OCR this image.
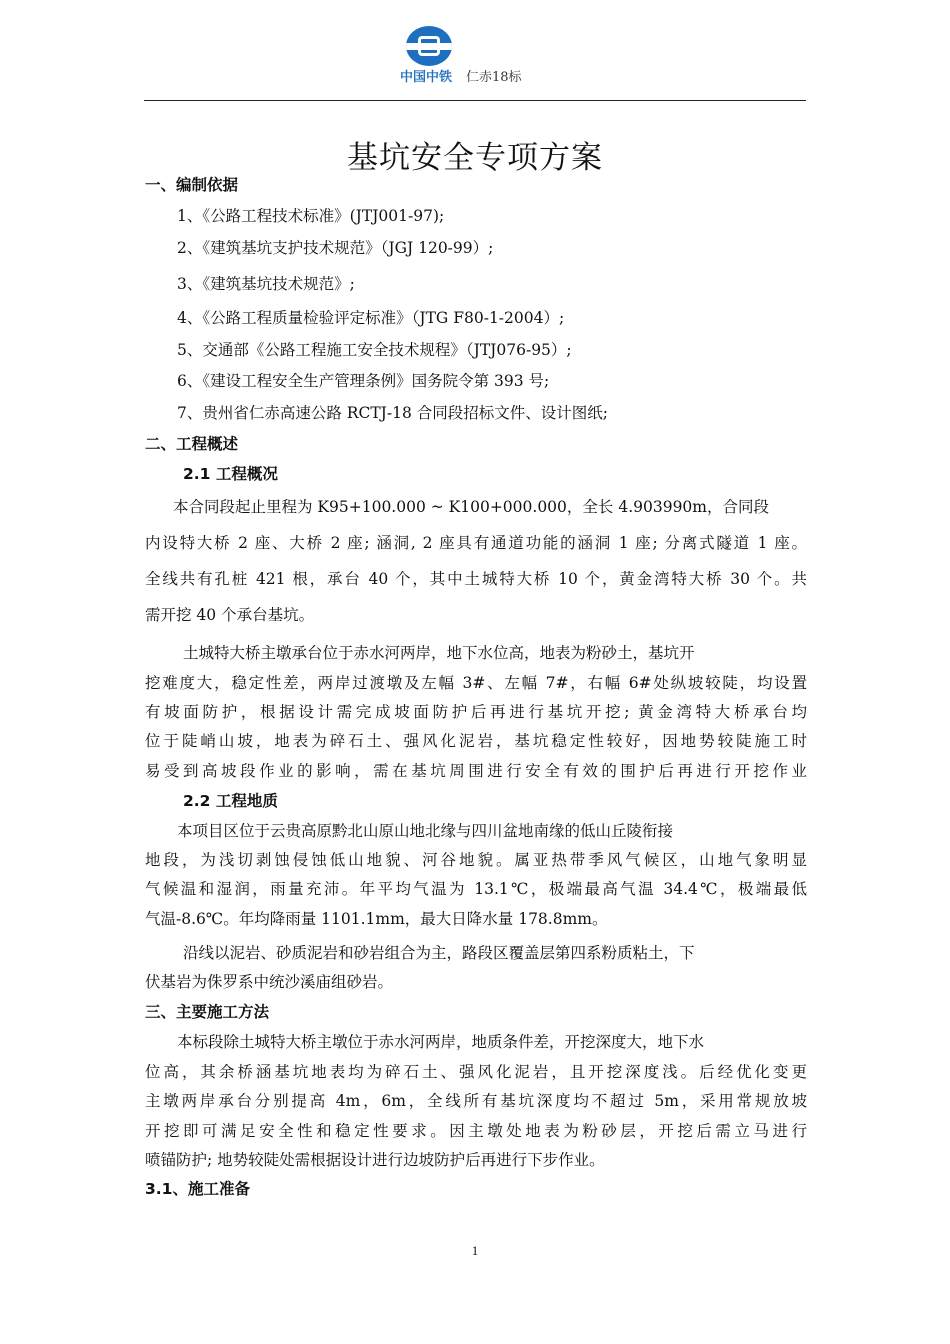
中国中铁 仁赤18标
基坑安全专项方案
一、编制依据
1、《公路工程技术标准》(JTJ001-97);
2、《建筑基坑支护技术规范》（JGJ 120-99）;
3、《建筑基坑技术规范》;
4、《公路工程质量检验评定标准》（JTG F80-1-2004）;
5、交通部《公路工程施工安全技术规程》（JTJ076-95）;
6、《建设工程安全生产管理条例》国务院令第 393 号;
7、贵州省仁赤高速公路 RCTJ-18 合同段招标文件、设计图纸;
二、工程概述
2.1 工程概况
本合同段起止里程为 K95+100.000 ~ K100+000.000，全长 4.903990m，合同段
内设特大桥 2 座、大桥 2 座; 涵洞, 2 座具有通道功能的涵洞 1 座; 分离式隧道 1 座。
全线共有孔桩 421 根，承台 40 个，其中土城特大桥 10 个，黄金湾特大桥 30 个。共
需开挖 40 个承台基坑。
土城特大桥主墩承台位于赤水河两岸，地下水位高，地表为粉砂土，基坑开
挖难度大，稳定性差，两岸过渡墩及左幅 3#、左幅 7#，右幅 6#处纵坡较陡，均设置
有坡面防护，根据设计需完成坡面防护后再进行基坑开挖; 黄金湾特大桥承台均
位于陡峭山坡，地表为碎石土、强风化泥岩，基坑稳定性较好，因地势较陡施工时
易受到高坡段作业的影响，需在基坑周围进行安全有效的围护后再进行开挖作业
2.2 工程地质
本项目区位于云贵高原黔北山原山地北缘与四川盆地南缘的低山丘陵衔接
地段，为浅切剥蚀侵蚀低山地貌、河谷地貌。属亚热带季风气候区，山地气象明显
气候温和湿润，雨量充沛。年平均气温为 13.1℃，极端最高气温 34.4℃，极端最低
气温-8.6℃。年均降雨量 1101.1mm，最大日降水量 178.8mm。
沿线以泥岩、砂质泥岩和砂岩组合为主，路段区覆盖层第四系粉质粘土，下
伏基岩为侏罗系中统沙溪庙组砂岩。
三、主要施工方法
本标段除土城特大桥主墩位于赤水河两岸，地质条件差，开挖深度大，地下水
位高，其余桥涵基坑地表均为碎石土、强风化泥岩，且开挖深度浅。后经优化变更
主墩两岸承台分别提高 4m，6m，全线所有基坑深度均不超过 5m，采用常规放坡
开挖即可满足安全性和稳定性要求。因主墩处地表为粉砂层，开挖后需立马进行
喷锚防护; 地势较陡处需根据设计进行边坡防护后再进行下步作业。
3.1、施工准备
1
